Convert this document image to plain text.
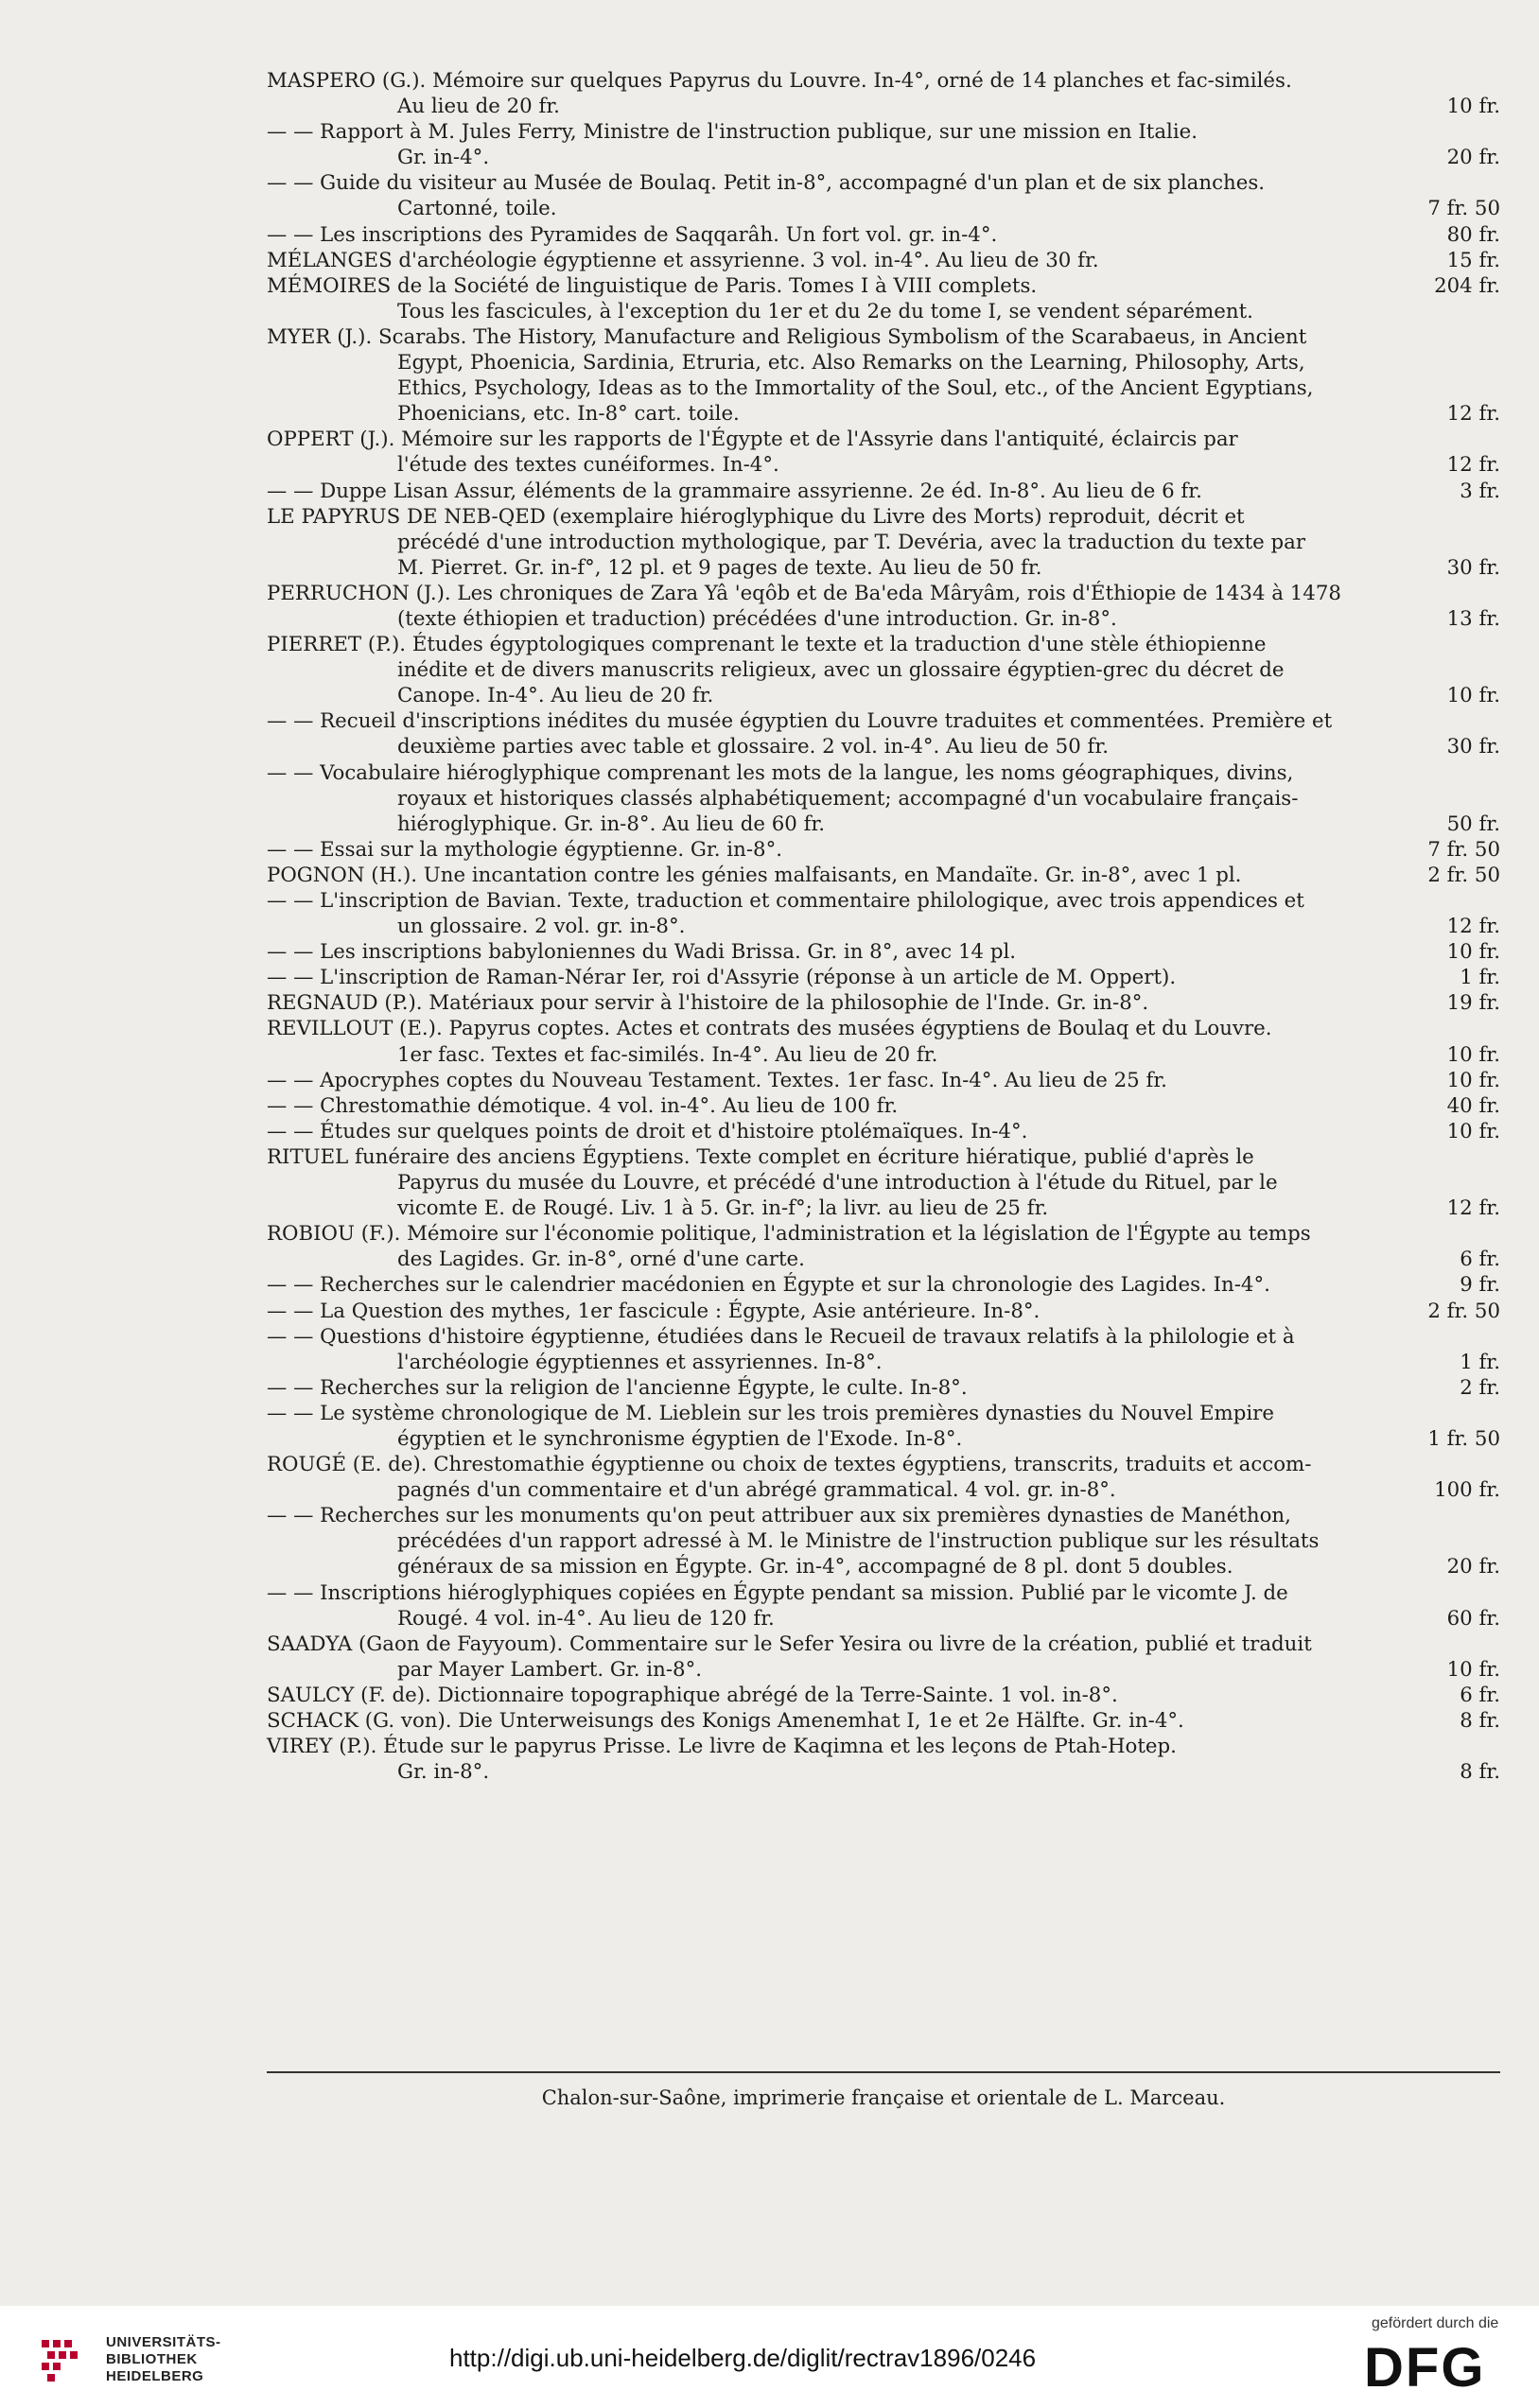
MASPERO (G.). Mémoire sur quelques Papyrus du Louvre. In-4°, orné de 14 planches et fac-similés.
Au lieu de 20 fr.	10 fr.
— — Rapport à M. Jules Ferry, Ministre de l'instruction publique, sur une mission en Italie.
Gr. in-4°.	20 fr.
— — Guide du visiteur au Musée de Boulaq. Petit in-8°, accompagné d'un plan et de six planches.
Cartonné, toile.	7 fr. 50
— — Les inscriptions des Pyramides de Saqqarâh. Un fort vol. gr. in-4°.	80 fr.
MÉLANGES d'archéologie égyptienne et assyrienne. 3 vol. in-4°. Au lieu de 30 fr.	15 fr.
MÉMOIRES de la Société de linguistique de Paris. Tomes I à VIII complets.	204 fr.
Tous les fascicules, à l'exception du 1er et du 2e du tome I, se vendent séparément.
MYER (J.). Scarabs. The History, Manufacture and Religious Symbolism of the Scarabaeus, in Ancient
Egypt, Phoenicia, Sardinia, Etruria, etc. Also Remarks on the Learning, Philosophy, Arts,
Ethics, Psychology, Ideas as to the Immortality of the Soul, etc., of the Ancient Egyptians,
Phoenicians, etc. In-8° cart. toile.	12 fr.
OPPERT (J.). Mémoire sur les rapports de l'Égypte et de l'Assyrie dans l'antiquité, éclaircis par
l'étude des textes cunéiformes. In-4°.	12 fr.
— — Duppe Lisan Assur, éléments de la grammaire assyrienne. 2e éd. In-8°. Au lieu de 6 fr.	3 fr.
LE PAPYRUS DE NEB-QED (exemplaire hiéroglyphique du Livre des Morts) reproduit, décrit et
précédé d'une introduction mythologique, par T. Devéria, avec la traduction du texte par
M. Pierret. Gr. in-f°, 12 pl. et 9 pages de texte. Au lieu de 50 fr.	30 fr.
PERRUCHON (J.). Les chroniques de Zara Yâ 'eqôb et de Ba'eda Mâryâm, rois d'Éthiopie de 1434 à 1478
(texte éthiopien et traduction) précédées d'une introduction. Gr. in-8°.	13 fr.
PIERRET (P.). Études égyptologiques comprenant le texte et la traduction d'une stèle éthiopienne
inédite et de divers manuscrits religieux, avec un glossaire égyptien-grec du décret de
Canope. In-4°. Au lieu de 20 fr.	10 fr.
— — Recueil d'inscriptions inédites du musée égyptien du Louvre traduites et commentées. Première et
deuxième parties avec table et glossaire. 2 vol. in-4°. Au lieu de 50 fr.	30 fr.
— — Vocabulaire hiéroglyphique comprenant les mots de la langue, les noms géographiques, divins,
royaux et historiques classés alphabétiquement; accompagné d'un vocabulaire français-
hiéroglyphique. Gr. in-8°. Au lieu de 60 fr.	50 fr.
— — Essai sur la mythologie égyptienne. Gr. in-8°.	7 fr. 50
POGNON (H.). Une incantation contre les génies malfaisants, en Mandaïte. Gr. in-8°, avec 1 pl.	2 fr. 50
— — L'inscription de Bavian. Texte, traduction et commentaire philologique, avec trois appendices et
un glossaire. 2 vol. gr. in-8°.	12 fr.
— — Les inscriptions babyloniennes du Wadi Brissa. Gr. in 8°, avec 14 pl.	10 fr.
— — L'inscription de Raman-Nérar Ier, roi d'Assyrie (réponse à un article de M. Oppert).	1 fr.
REGNAUD (P.). Matériaux pour servir à l'histoire de la philosophie de l'Inde. Gr. in-8°.	19 fr.
REVILLOUT (E.). Papyrus coptes. Actes et contrats des musées égyptiens de Boulaq et du Louvre.
1er fasc. Textes et fac-similés. In-4°. Au lieu de 20 fr.	10 fr.
— — Apocryphes coptes du Nouveau Testament. Textes. 1er fasc. In-4°. Au lieu de 25 fr.	10 fr.
— — Chrestomathie démotique. 4 vol. in-4°. Au lieu de 100 fr.	40 fr.
— — Études sur quelques points de droit et d'histoire ptolémaïques. In-4°.	10 fr.
RITUEL funéraire des anciens Égyptiens. Texte complet en écriture hiératique, publié d'après le
Papyrus du musée du Louvre, et précédé d'une introduction à l'étude du Rituel, par le
vicomte E. de Rougé. Liv. 1 à 5. Gr. in-f°; la livr. au lieu de 25 fr.	12 fr.
ROBIOU (F.). Mémoire sur l'économie politique, l'administration et la législation de l'Égypte au temps
des Lagides. Gr. in-8°, orné d'une carte.	6 fr.
— — Recherches sur le calendrier macédonien en Égypte et sur la chronologie des Lagides. In-4°.	9 fr.
— — La Question des mythes, 1er fascicule : Égypte, Asie antérieure. In-8°.	2 fr. 50
— — Questions d'histoire égyptienne, étudiées dans le Recueil de travaux relatifs à la philologie et à
l'archéologie égyptiennes et assyriennes. In-8°.	1 fr.
— — Recherches sur la religion de l'ancienne Égypte, le culte. In-8°.	2 fr.
— — Le système chronologique de M. Lieblein sur les trois premières dynasties du Nouvel Empire
égyptien et le synchronisme égyptien de l'Exode. In-8°.	1 fr. 50
ROUGÉ (E. de). Chrestomathie égyptienne ou choix de textes égyptiens, transcrits, traduits et accom-
pagnés d'un commentaire et d'un abrégé grammatical. 4 vol. gr. in-8°.	100 fr.
— — Recherches sur les monuments qu'on peut attribuer aux six premières dynasties de Manéthon,
précédées d'un rapport adressé à M. le Ministre de l'instruction publique sur les résultats
généraux de sa mission en Égypte. Gr. in-4°, accompagné de 8 pl. dont 5 doubles.	20 fr.
— — Inscriptions hiéroglyphiques copiées en Égypte pendant sa mission. Publié par le vicomte J. de
Rougé. 4 vol. in-4°. Au lieu de 120 fr.	60 fr.
SAADYA (Gaon de Fayyoum). Commentaire sur le Sefer Yesira ou livre de la création, publié et traduit
par Mayer Lambert. Gr. in-8°.	10 fr.
SAULCY (F. de). Dictionnaire topographique abrégé de la Terre-Sainte. 1 vol. in-8°.	6 fr.
SCHACK (G. von). Die Unterweisungs des Konigs Amenemhat I, 1e et 2e Hälfte. Gr. in-4°.	8 fr.
VIREY (P.). Étude sur le papyrus Prisse. Le livre de Kaqimna et les leçons de Ptah-Hotep.
Gr. in-8°.	8 fr.
Chalon-sur-Saône, imprimerie française et orientale de L. Marceau.
UNIVERSITÄTS-
BIBLIOTHEK
HEIDELBERG
http://digi.ub.uni-heidelberg.de/diglit/rectrav1896/0246
gefördert durch die
DFG
